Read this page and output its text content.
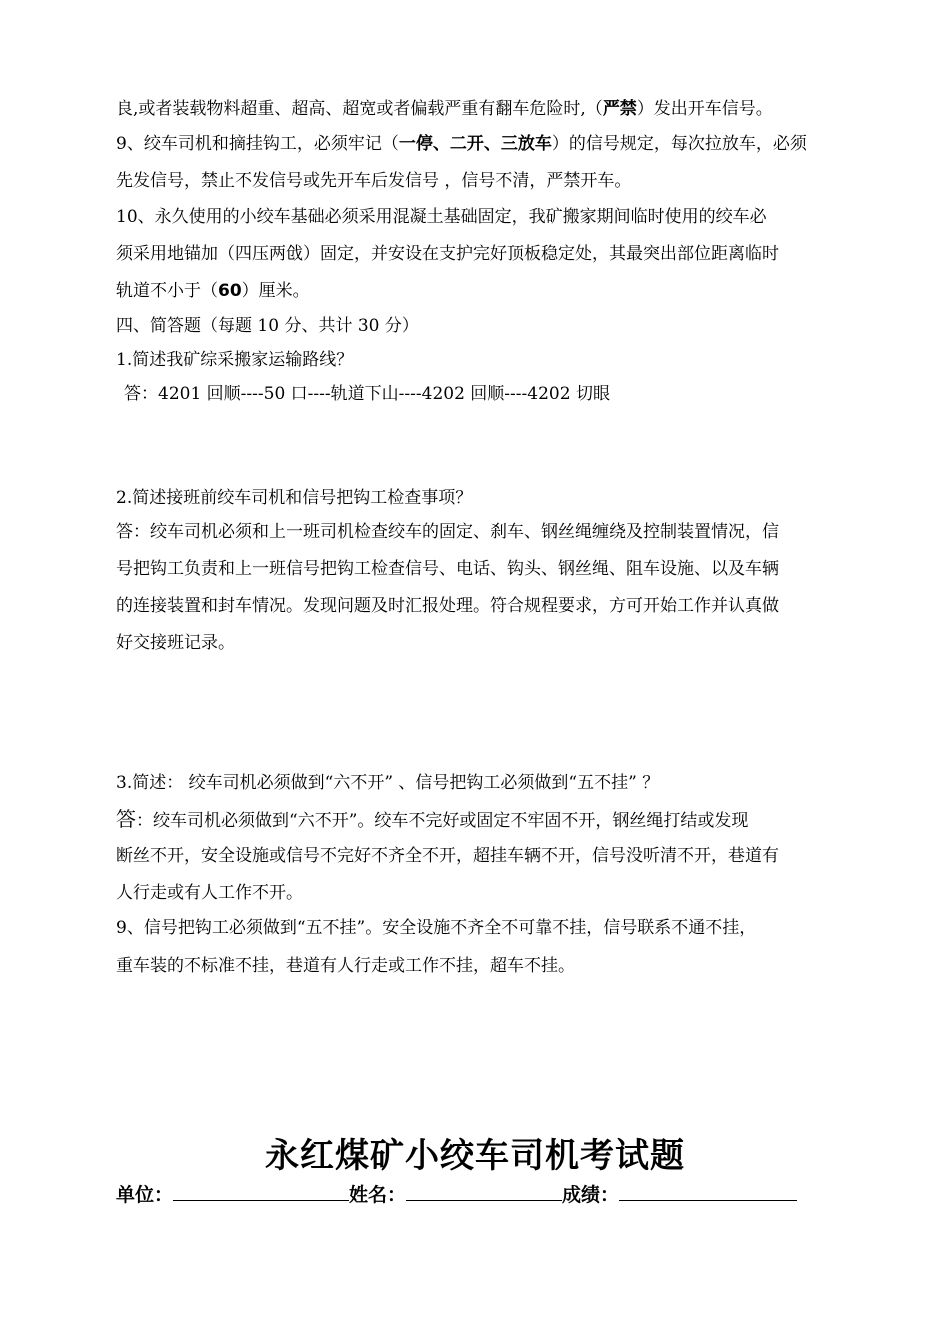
良,或者装载物料超重、超高、超宽或者偏载严重有翻车危险时,（严禁）发出开车信号。
9、绞车司机和摘挂钩工，必须牢记（一停、二开、三放车）的信号规定，每次拉放车，必须
先发信号，禁止不发信号或先开车后发信号 ，信号不清，严禁开车。
10、永久使用的小绞车基础必须采用混凝土基础固定，我矿搬家期间临时使用的绞车必
须采用地锚加（四压两戗）固定，并安设在支护完好顶板稳定处，其最突出部位距离临时
轨道不小于（60）厘米。
四、简答题（每题 10 分、共计 30 分）
1.简述我矿综采搬家运输路线？
答：4201 回顺----50 口----轨道下山----4202 回顺----4202 切眼
2.简述接班前绞车司机和信号把钩工检查事项？
答：绞车司机必须和上一班司机检查绞车的固定、刹车、钢丝绳缠绕及控制装置情况，信
号把钩工负责和上一班信号把钩工检查信号、电话、钩头、钢丝绳、阻车设施、以及车辆
的连接装置和封车情况。发现问题及时汇报处理。符合规程要求，方可开始工作并认真做
好交接班记录。
3.简述： 绞车司机必须做到“六不开” 、信号把钩工必须做到“五不挂” ？
答：绞车司机必须做到“六不开”。绞车不完好或固定不牢固不开，钢丝绳打结或发现
断丝不开，安全设施或信号不完好不齐全不开，超挂车辆不开，信号没听清不开，巷道有
人行走或有人工作不开。
9、信号把钩工必须做到“五不挂”。安全设施不齐全不可靠不挂，信号联系不通不挂，
重车装的不标准不挂，巷道有人行走或工作不挂，超车不挂。
永红煤矿小绞车司机考试题
单位：	姓名：	成绩：
